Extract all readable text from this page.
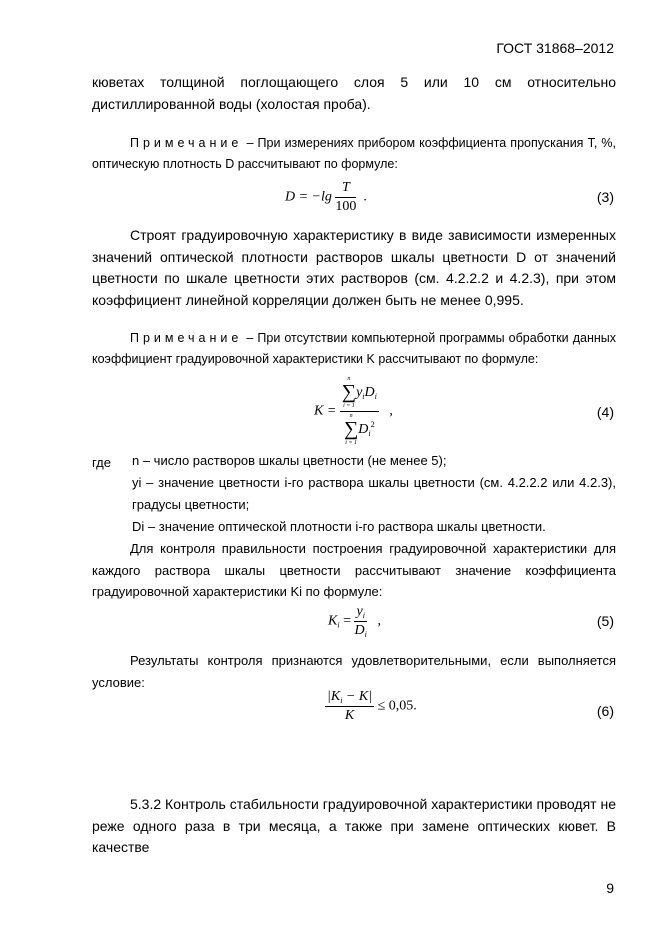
ГОСТ 31868–2012

кюветах толщиной поглощающего слоя 5 или 10 см относительно дистиллированной воды (холостая проба).

Примечание – При измерениях прибором коэффициента пропускания T, %, оптическую плотность D рассчитывают по формуле:

$D = -\lg \frac{T}{100}$ .	(3)

Строят градуировочную характеристику в виде зависимости измеренных значений оптической плотности растворов шкалы цветности D от значений цветности по шкале цветности этих растворов (см. 4.2.2.2 и 4.2.3), при этом коэффициент линейной корреляции должен быть не менее 0,995.

Примечание – При отсутствии компьютерной программы обработки данных коэффициент градуировочной характеристики K рассчитывают по формуле:

K = n
∑
i = 1
$y_iD_i$
n
∑
i = 1
$D_i^2$ ,	(4)
где n – число растворов шкалы цветности (не менее 5);
yi – значение цветности i-го раствора шкалы цветности (см. 4.2.2.2 или 4.2.3), градусы цветности;
Di – значение оптической плотности i-го раствора шкалы цветности.

Для контроля правильности построения градуировочной характеристики для каждого раствора шкалы цветности рассчитывают значение коэффициента градуировочной характеристики Ki по формуле:

$K_i = \frac{y_i}{D_i}$ ,	(5)

Результаты контроля признаются удовлетворительными, если выполняется условие:

$\frac{|K_i - K|}{K} \le 0,05$.	(6)

5.3.2 Контроль стабильности градуировочной характеристики проводят не реже одного раза в три месяца, а также при замене оптических кювет. В качестве

9
